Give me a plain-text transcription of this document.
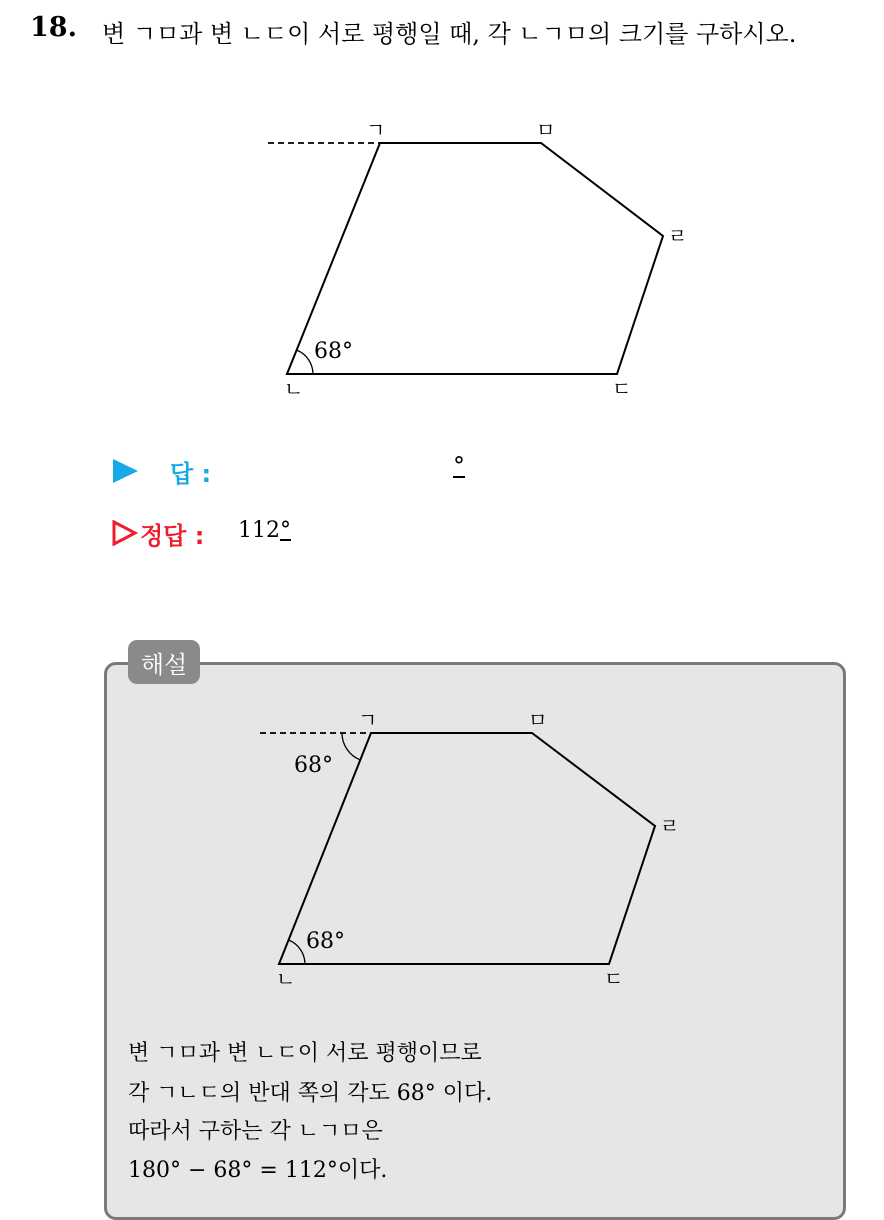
18. 변 ㄱㅁ과 변 ㄴㄷ이 서로 평행일 때, 각 ㄴㄱㅁ의 크기를 구하시오.
ㄱ	ㅁ
ㄹ
ㄴ	ㄷ
68°
답 :	°
정답 : 112°
해설
ㄱ	ㅁ
ㄹ
ㄴ	ㄷ
68°
68°
변 ㄱㅁ과 변 ㄴㄷ이 서로 평행이므로
각 ㄱㄴㄷ의 반대 쪽의 각도 68° 이다.
따라서 구하는 각 ㄴㄱㅁ은
180° − 68° = 112°이다.
